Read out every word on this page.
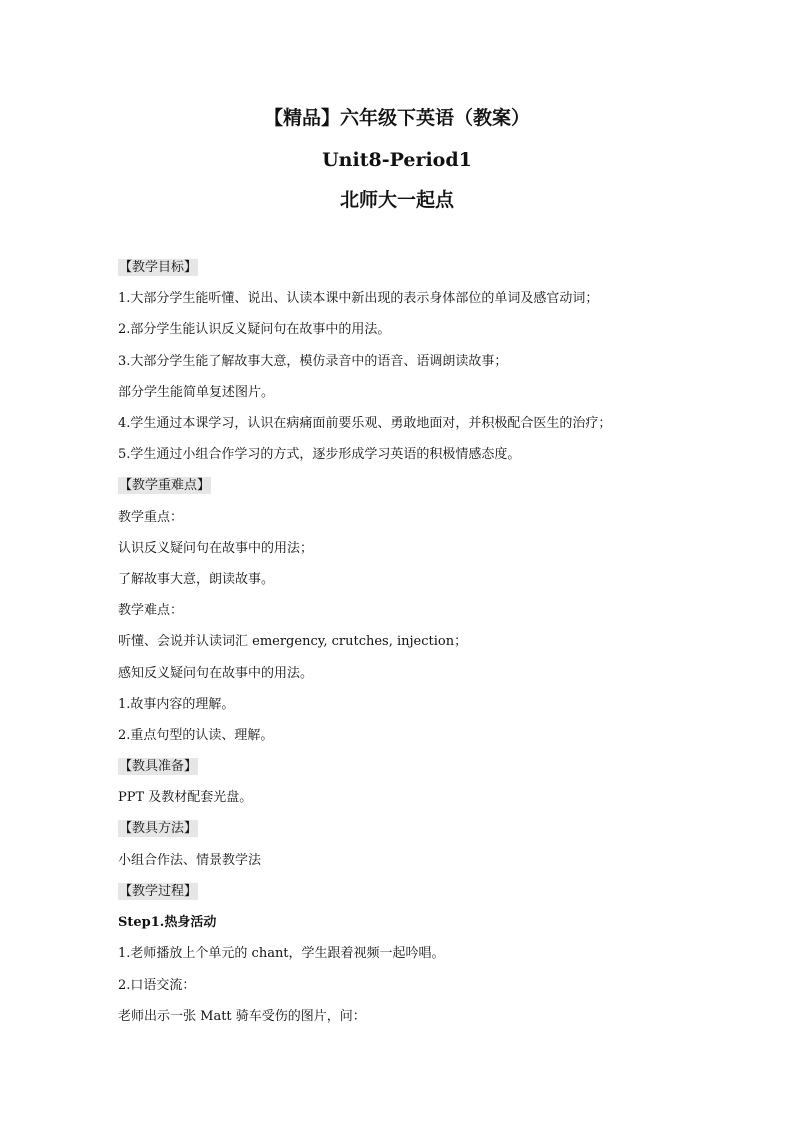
【精品】六年级下英语（教案）
Unit8-Period1
北师大一起点

【教学目标】

1.大部分学生能听懂、说出、认读本课中新出现的表示身体部位的单词及感官动词；

2.部分学生能认识反义疑问句在故事中的用法。

3.大部分学生能了解故事大意，模仿录音中的语音、语调朗读故事；

部分学生能简单复述图片。

4.学生通过本课学习，认识在病痛面前要乐观、勇敢地面对，并积极配合医生的治疗；

5.学生通过小组合作学习的方式，逐步形成学习英语的积极情感态度。

【教学重难点】

教学重点：

认识反义疑问句在故事中的用法；

了解故事大意，朗读故事。

教学难点：

听懂、会说并认读词汇 emergency, crutches, injection；

感知反义疑问句在故事中的用法。

1.故事内容的理解。

2.重点句型的认读、理解。

【教具准备】

PPT 及教材配套光盘。

【教具方法】

小组合作法、情景教学法

【教学过程】

Step1.热身活动

1.老师播放上个单元的 chant，学生跟着视频一起吟唱。

2.口语交流：

老师出示一张 Matt 骑车受伤的图片，问：
